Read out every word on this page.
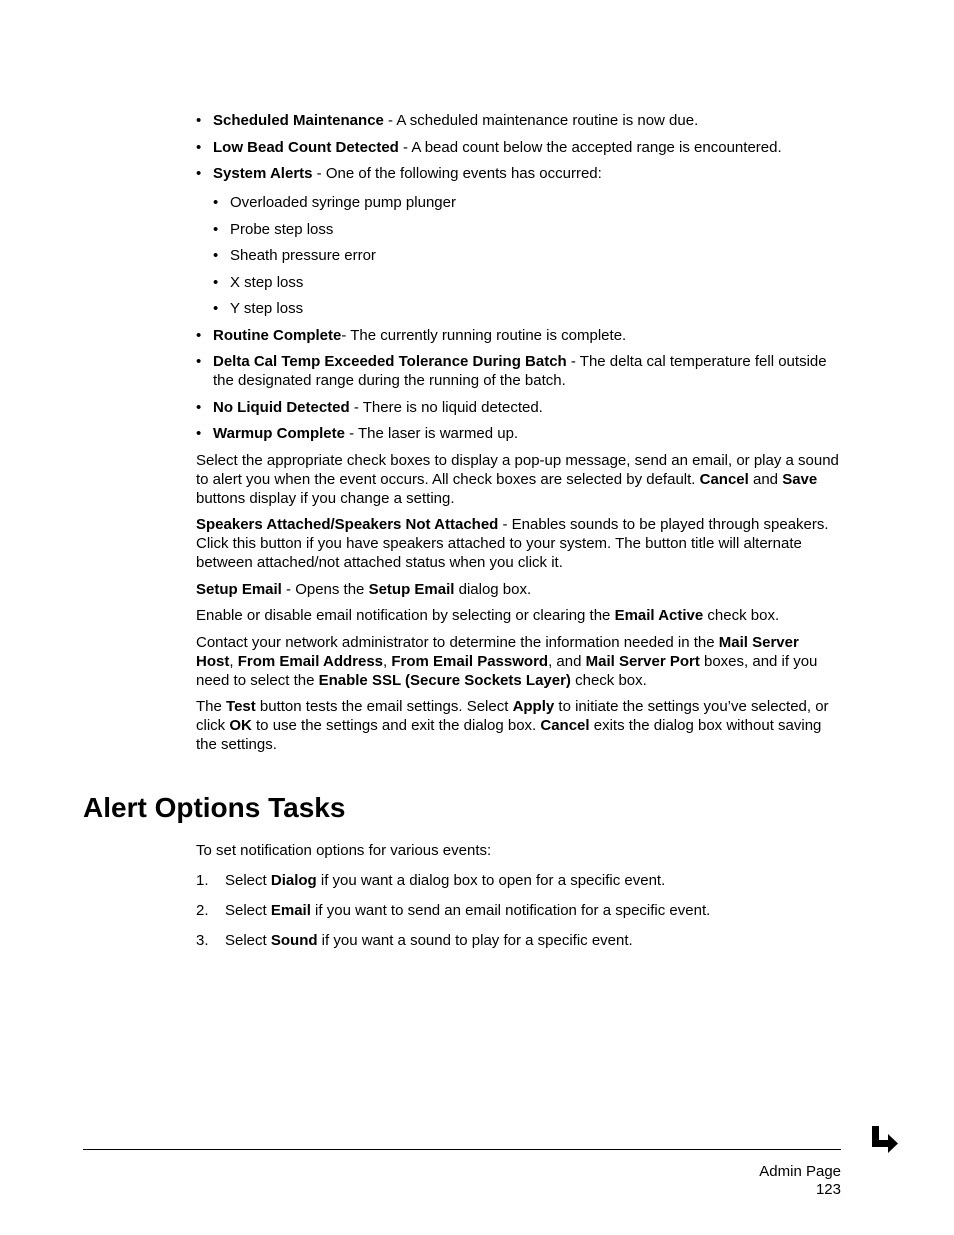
• Scheduled Maintenance - A scheduled maintenance routine is now due.
• Low Bead Count Detected - A bead count below the accepted range is encountered.
• System Alerts - One of the following events has occurred:
• Overloaded syringe pump plunger
• Probe step loss
• Sheath pressure error
• X step loss
• Y step loss
• Routine Complete- The currently running routine is complete.
• Delta Cal Temp Exceeded Tolerance During Batch - The delta cal temperature fell outside the designated range during the running of the batch.
• No Liquid Detected - There is no liquid detected.
• Warmup Complete - The laser is warmed up.

Select the appropriate check boxes to display a pop-up message, send an email, or play a sound to alert you when the event occurs. All check boxes are selected by default. Cancel and Save buttons display if you change a setting.

Speakers Attached/Speakers Not Attached - Enables sounds to be played through speakers. Click this button if you have speakers attached to your system. The button title will alternate between attached/not attached status when you click it.

Setup Email - Opens the Setup Email dialog box.

Enable or disable email notification by selecting or clearing the Email Active check box.

Contact your network administrator to determine the information needed in the Mail Server Host, From Email Address, From Email Password, and Mail Server Port boxes, and if you need to select the Enable SSL (Secure Sockets Layer) check box.

The Test button tests the email settings. Select Apply to initiate the settings you’ve selected, or click OK to use the settings and exit the dialog box. Cancel exits the dialog box without saving the settings.

Alert Options Tasks
To set notification options for various events:
1. Select Dialog if you want a dialog box to open for a specific event.
2. Select Email if you want to send an email notification for a specific event.
3. Select Sound if you want a sound to play for a specific event.
Admin Page
123
